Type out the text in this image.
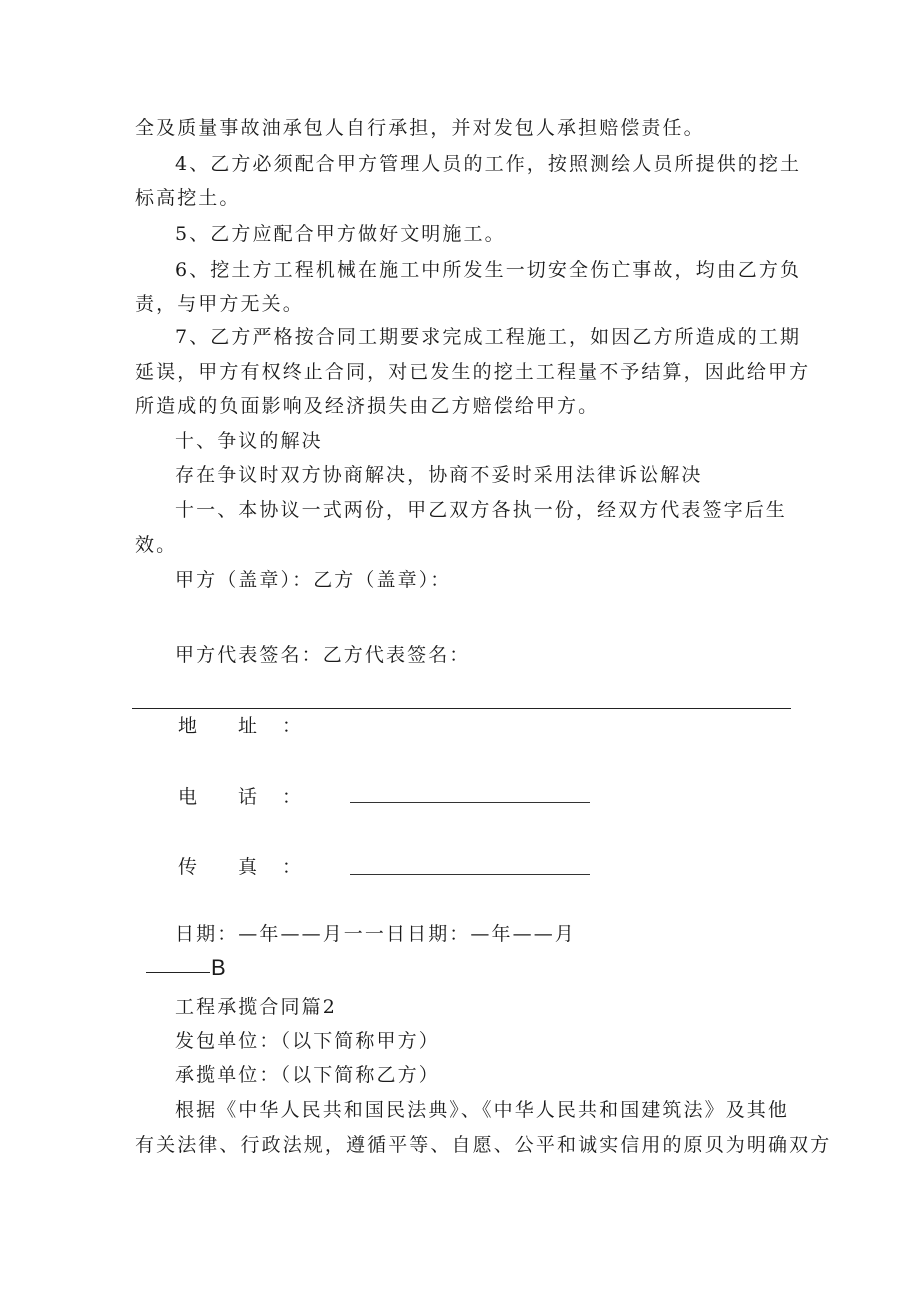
全及质量事故油承包人自行承担，并对发包人承担赔偿责任。
4、乙方必须配合甲方管理人员的工作，按照测绘人员所提供的挖土
标高挖土。
5、乙方应配合甲方做好文明施工。
6、挖土方工程机械在施工中所发生一切安全伤亡事故，均由乙方负
责，与甲方无关。
7、乙方严格按合同工期要求完成工程施工，如因乙方所造成的工期
延误，甲方有权终止合同，对已发生的挖土工程量不予结算，因此给甲方
所造成的负面影响及经济损失由乙方赔偿给甲方。
十、争议的解决
存在争议时双方协商解决，协商不妥时采用法律诉讼解决
十一、本协议一式两份，甲乙双方各执一份，经双方代表签字后生
效。
甲方（盖章）：乙方（盖章）：
甲方代表签名：乙方代表签名：
地 址 ：
电 话 ：
传 真 ：
日期：—年——月一一日日期：—年——月
B
工程承揽合同篇2
发包单位：（以下简称甲方）
承揽单位：（以下简称乙方）
根据《中华人民共和国民法典》、《中华人民共和国建筑法》及其他
有关法律、行政法规，遵循平等、自愿、公平和诚实信用的原贝为明确双方
